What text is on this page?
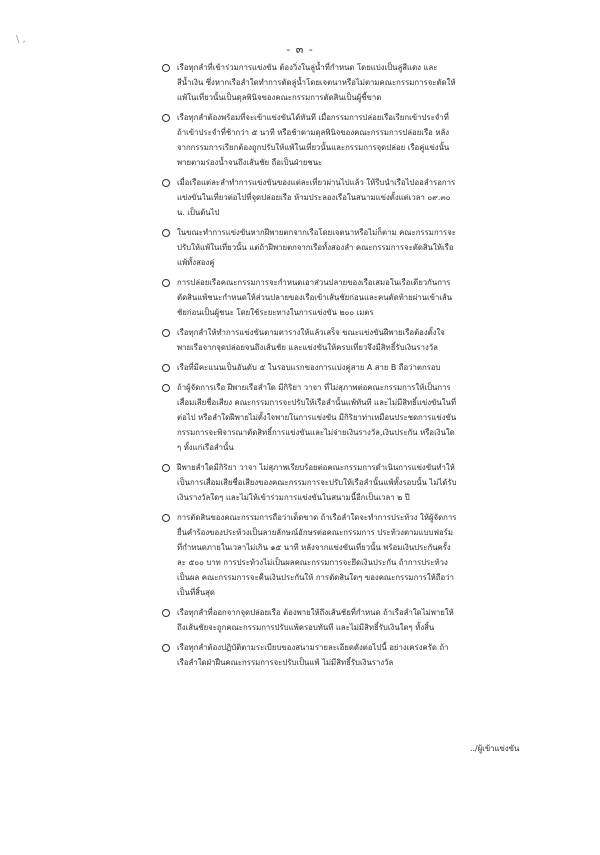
\ ,
- ๓ -
เรือทุกลำที่เข้าร่วมการแข่งขัน ต้องวิ่งในลู่น้ำที่กำหนด โดยแบ่งเป็นลู่สีแดง และสีน้ำเงิน ซึ่งหากเรือลำใดทำการตัดลู่น้ำโดยเจตนาหรือไม่ตามคณะกรรมการจะตัดให้แพ้ในเที่ยวนั้นเป็นดุลพินิจของคณะกรรมการตัดสินเป็นผู้ชี้ขาด
เรือทุกลำต้องพร้อมที่จะเข้าแข่งขันได้ทันที เมื่อกรรมการปล่อยเรือเรียกเข้าประจำที่ ถ้าเข้าประจำที่ช้ากว่า ๕ นาที หรือช้าตามดุลพินิจของคณะกรรมการปล่อยเรือ หลังจากกรรมการเรียกต้องถูกปรับให้แพ้ในเที่ยวนั้นและกรรมการจุดปล่อย เรือคู่แข่งนั้นพายตามร่องน้ำจนถึงเส้นชัย ถือเป็นฝ่ายชนะ
เมื่อเรือแต่ละลำทำการแข่งขันของแต่ละเที่ยวผ่านไปแล้ว ให้รีบนำเรือไปออลำรอการแข่งขันในเที่ยวต่อไปที่จุดปล่อยเรือ ห้ามประลองเรือในสนามแข่งตั้งแต่เวลา ๐๙.๓๐ น. เป็นต้นไป
ในขณะทำการแข่งขันหากฝีพายตกจากเรือโดยเจตนาหรือไม่ก็ตาม คณะกรรมการจะปรับให้แพ้ในเที่ยวนั้น แต่ถ้าฝีพายตกจากเรือทั้งสองลำ คณะกรรมการจะตัดสินให้เรือแพ้ทั้งสองคู่
การปล่อยเรือคณะกรรมการจะกำหนดเอาส่วนปลายของเรือเสมอในเรือเดียวกันการตัดสินแพ้ชนะกำหนดให้ส่วนปลายของเรือเข้าเส้นชัยก่อนและคนตัดท้ายผ่านเข้าเส้นชัยก่อนเป็นผู้ชนะ โดยใช้ระยะทางในการแข่งขัน ๒๐๐ เมตร
เรือทุกลำให้ทำการแข่งขันตามตารางให้แล้วเสร็จ ขณะแข่งขันฝีพายเรือต้องตั้งใจพายเรือจากจุดปล่อยจนถึงเส้นชัย และแข่งขันให้ครบเที่ยวจึงมีสิทธิ์รับเงินรางวัล
เรือที่มีคะแนนเป็นอันดับ ๕ ในรอบแรกของการแบ่งคู่สาย A สาย B ถือว่าตกรอบ
ถ้าผู้จัดการเรือ ฝีพายเรือลำใด มีกิริยา วาจา ที่ไม่สุภาพต่อคณะกรรมการให้เป็นการเสื่อมเสียชื่อเสียง คณะกรรมการจะปรับให้เรือลำนั้นแพ้ทันที และไม่มีสิทธิ์แข่งขันในที่ต่อไป หรือลำใดฝีพายไม่ตั้งใจพายในการแข่งขัน มีกิริยาท่าเหมือนประชดการแข่งขัน กรรมการจะพิจารณาตัดสิทธิ์การแข่งขันและไม่จ่ายเงินรางวัล,เงินประกัน หรือเงินใด ๆ ทั้งแก่เรือลำนั้น
ฝีพายลำใดมีกิริยา วาจา ไม่สุภาพเรียบร้อยต่อคณะกรรมการดำเนินการแข่งขันทำให้เป็นการเสื่อมเสียชื่อเสียงของคณะกรรมการจะปรับให้เรือลำนั้นแพ้ทั้งรอบนั้น ไม่ได้รับเงินรางวัลใดๆ และไม่ให้เข้าร่วมการแข่งขันในสนามนี้อีกเป็นเวลา ๒ ปี
การตัดสินของคณะกรรมการถือว่าเด็ดขาด ถ้าเรือลำใดจะทำการประท้วง ให้ผู้จัดการยื่นคำร้องของประท้วงเป็นลายลักษณ์อักษรต่อคณะกรรมการ ประท้วงตามแบบฟอร์มที่กำหนดภายในเวลาไม่เกิน ๑๕ นาที หลังจากแข่งขันเที่ยวนั้น พร้อมเงินประกันครั้งละ ๕๐๐ บาท การประท้วงไม่เป็นผลคณะกรรมการจะยึดเงินประกัน ถ้าการประท้วงเป็นผล คณะกรรมการจะคืนเงินประกันให้ การตัดสินใดๆ ของคณะกรรมการให้ถือว่าเป็นที่สิ้นสุด
เรือทุกลำที่ออกจากจุดปล่อยเรือ ต้องพายให้ถึงเส้นชัยที่กำหนด ถ้าเรือลำใดไม่พายให้ถึงเส้นชัยจะถูกคณะกรรมการปรับแพ้ครอบทันที และไม่มีสิทธิ์รับเงินใดๆ ทั้งสิ้น
เรือทุกลำต้องปฏิบัติตามระเบียบของสนามรายละเอียดดังต่อไปนี้ อย่างเคร่งครัด ถ้าเรือลำใดฝ่าฝืนคณะกรรมการจะปรับเป็นแพ้ ไม่มีสิทธิ์รับเงินรางวัล
../ผู้เข้าแข่งขัน
